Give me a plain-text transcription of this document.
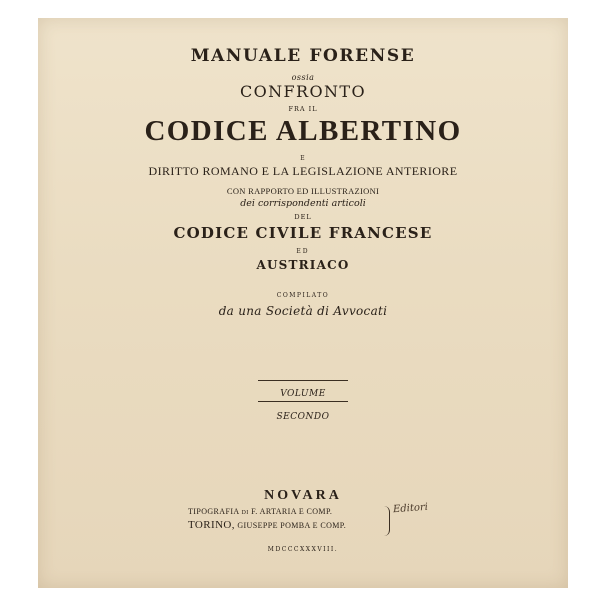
MANUALE FORENSE
ossia
CONFRONTO
FRA IL
CODICE ALBERTINO
E
DIRITTO ROMANO E LA LEGISLAZIONE ANTERIORE
CON RAPPORTO ED ILLUSTRAZIONI
dei corrispondenti articoli
DEL
CODICE CIVILE FRANCESE
ED
AUSTRIACO
COMPILATO
da una Società di Avvocati
VOLUME SECONDO
NOVARA
TIPOGRAFIA DI F. ARTARIA E COMP.
TORINO, GIUSEPPE POMBA E COMP.
Editori
MDCCCXXXVIII.
